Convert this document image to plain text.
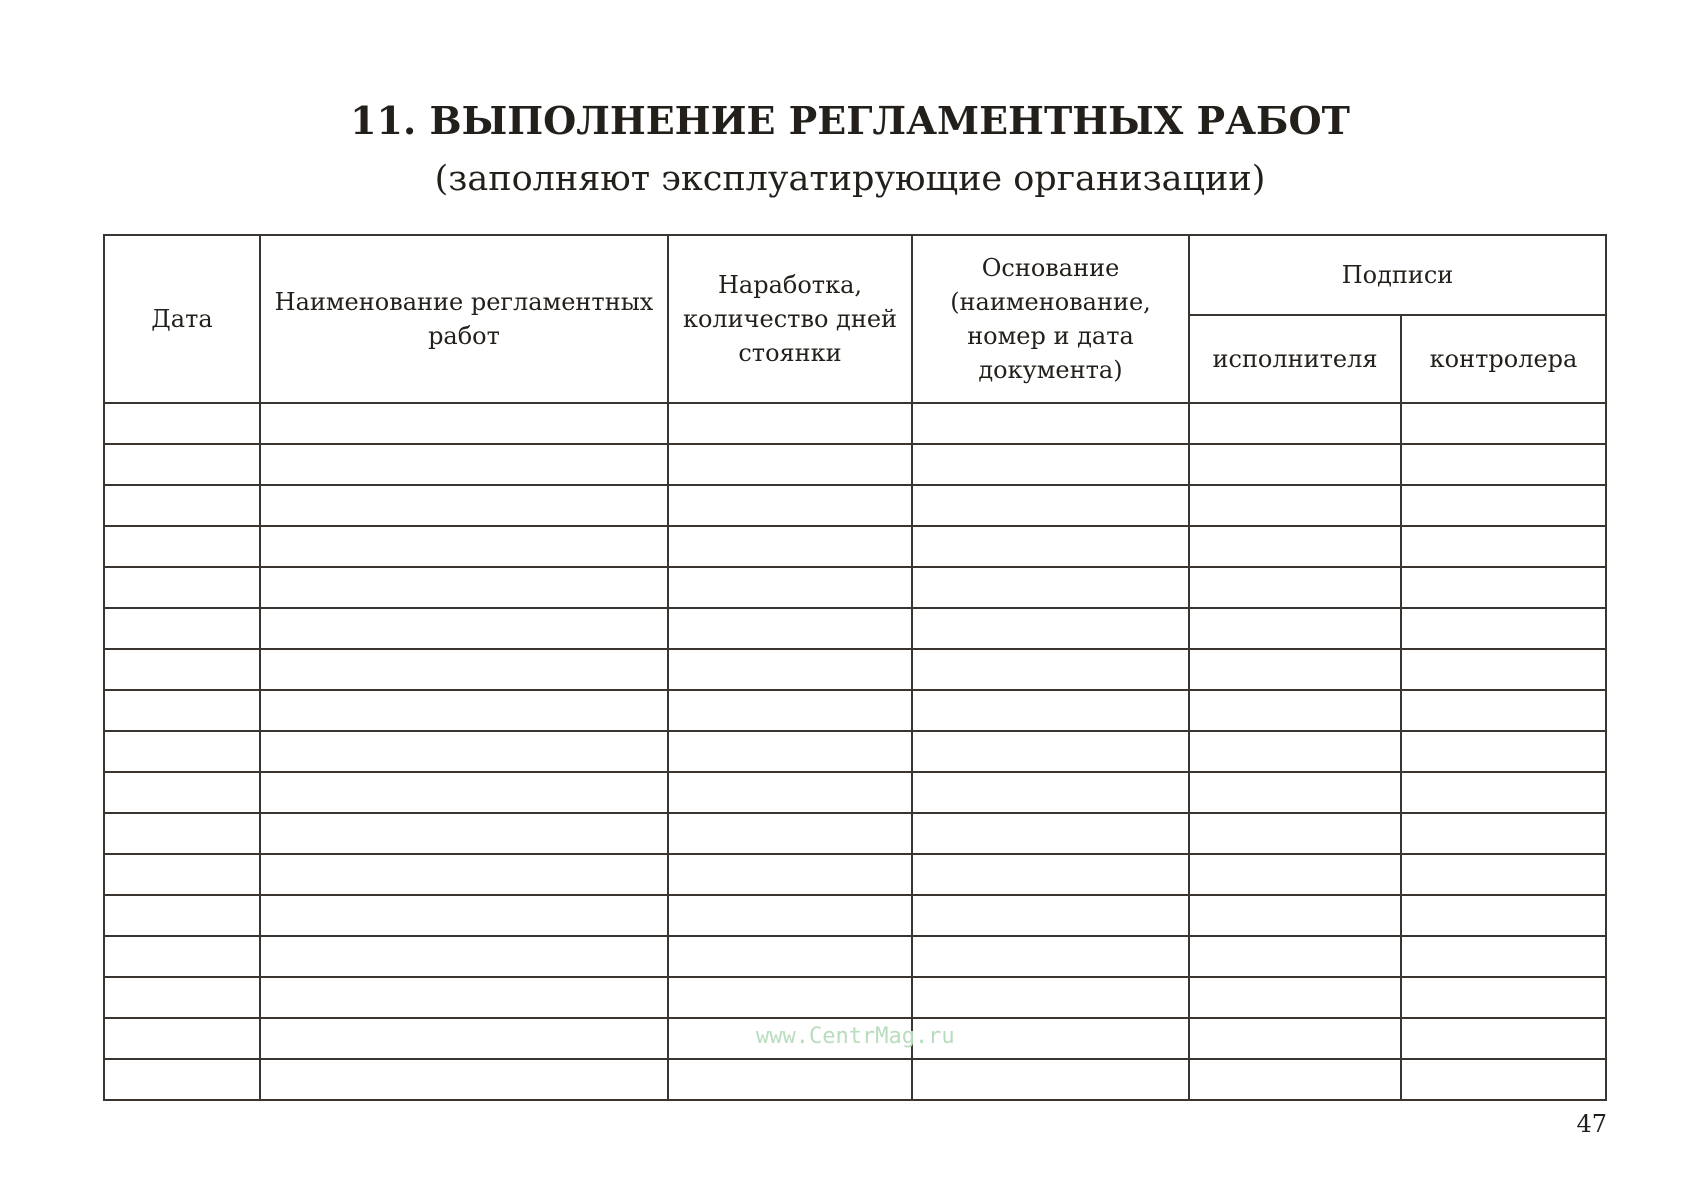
11. ВЫПОЛНЕНИЕ РЕГЛАМЕНТНЫХ РАБОТ
(заполняют эксплуатирующие организации)
Дата	Наименование регламентных работ	Наработка, количество дней стоянки	Основание (наименование, номер и дата документа)	Подписи	
				исполнителя	контролера

www.CentrMag.ru
47
